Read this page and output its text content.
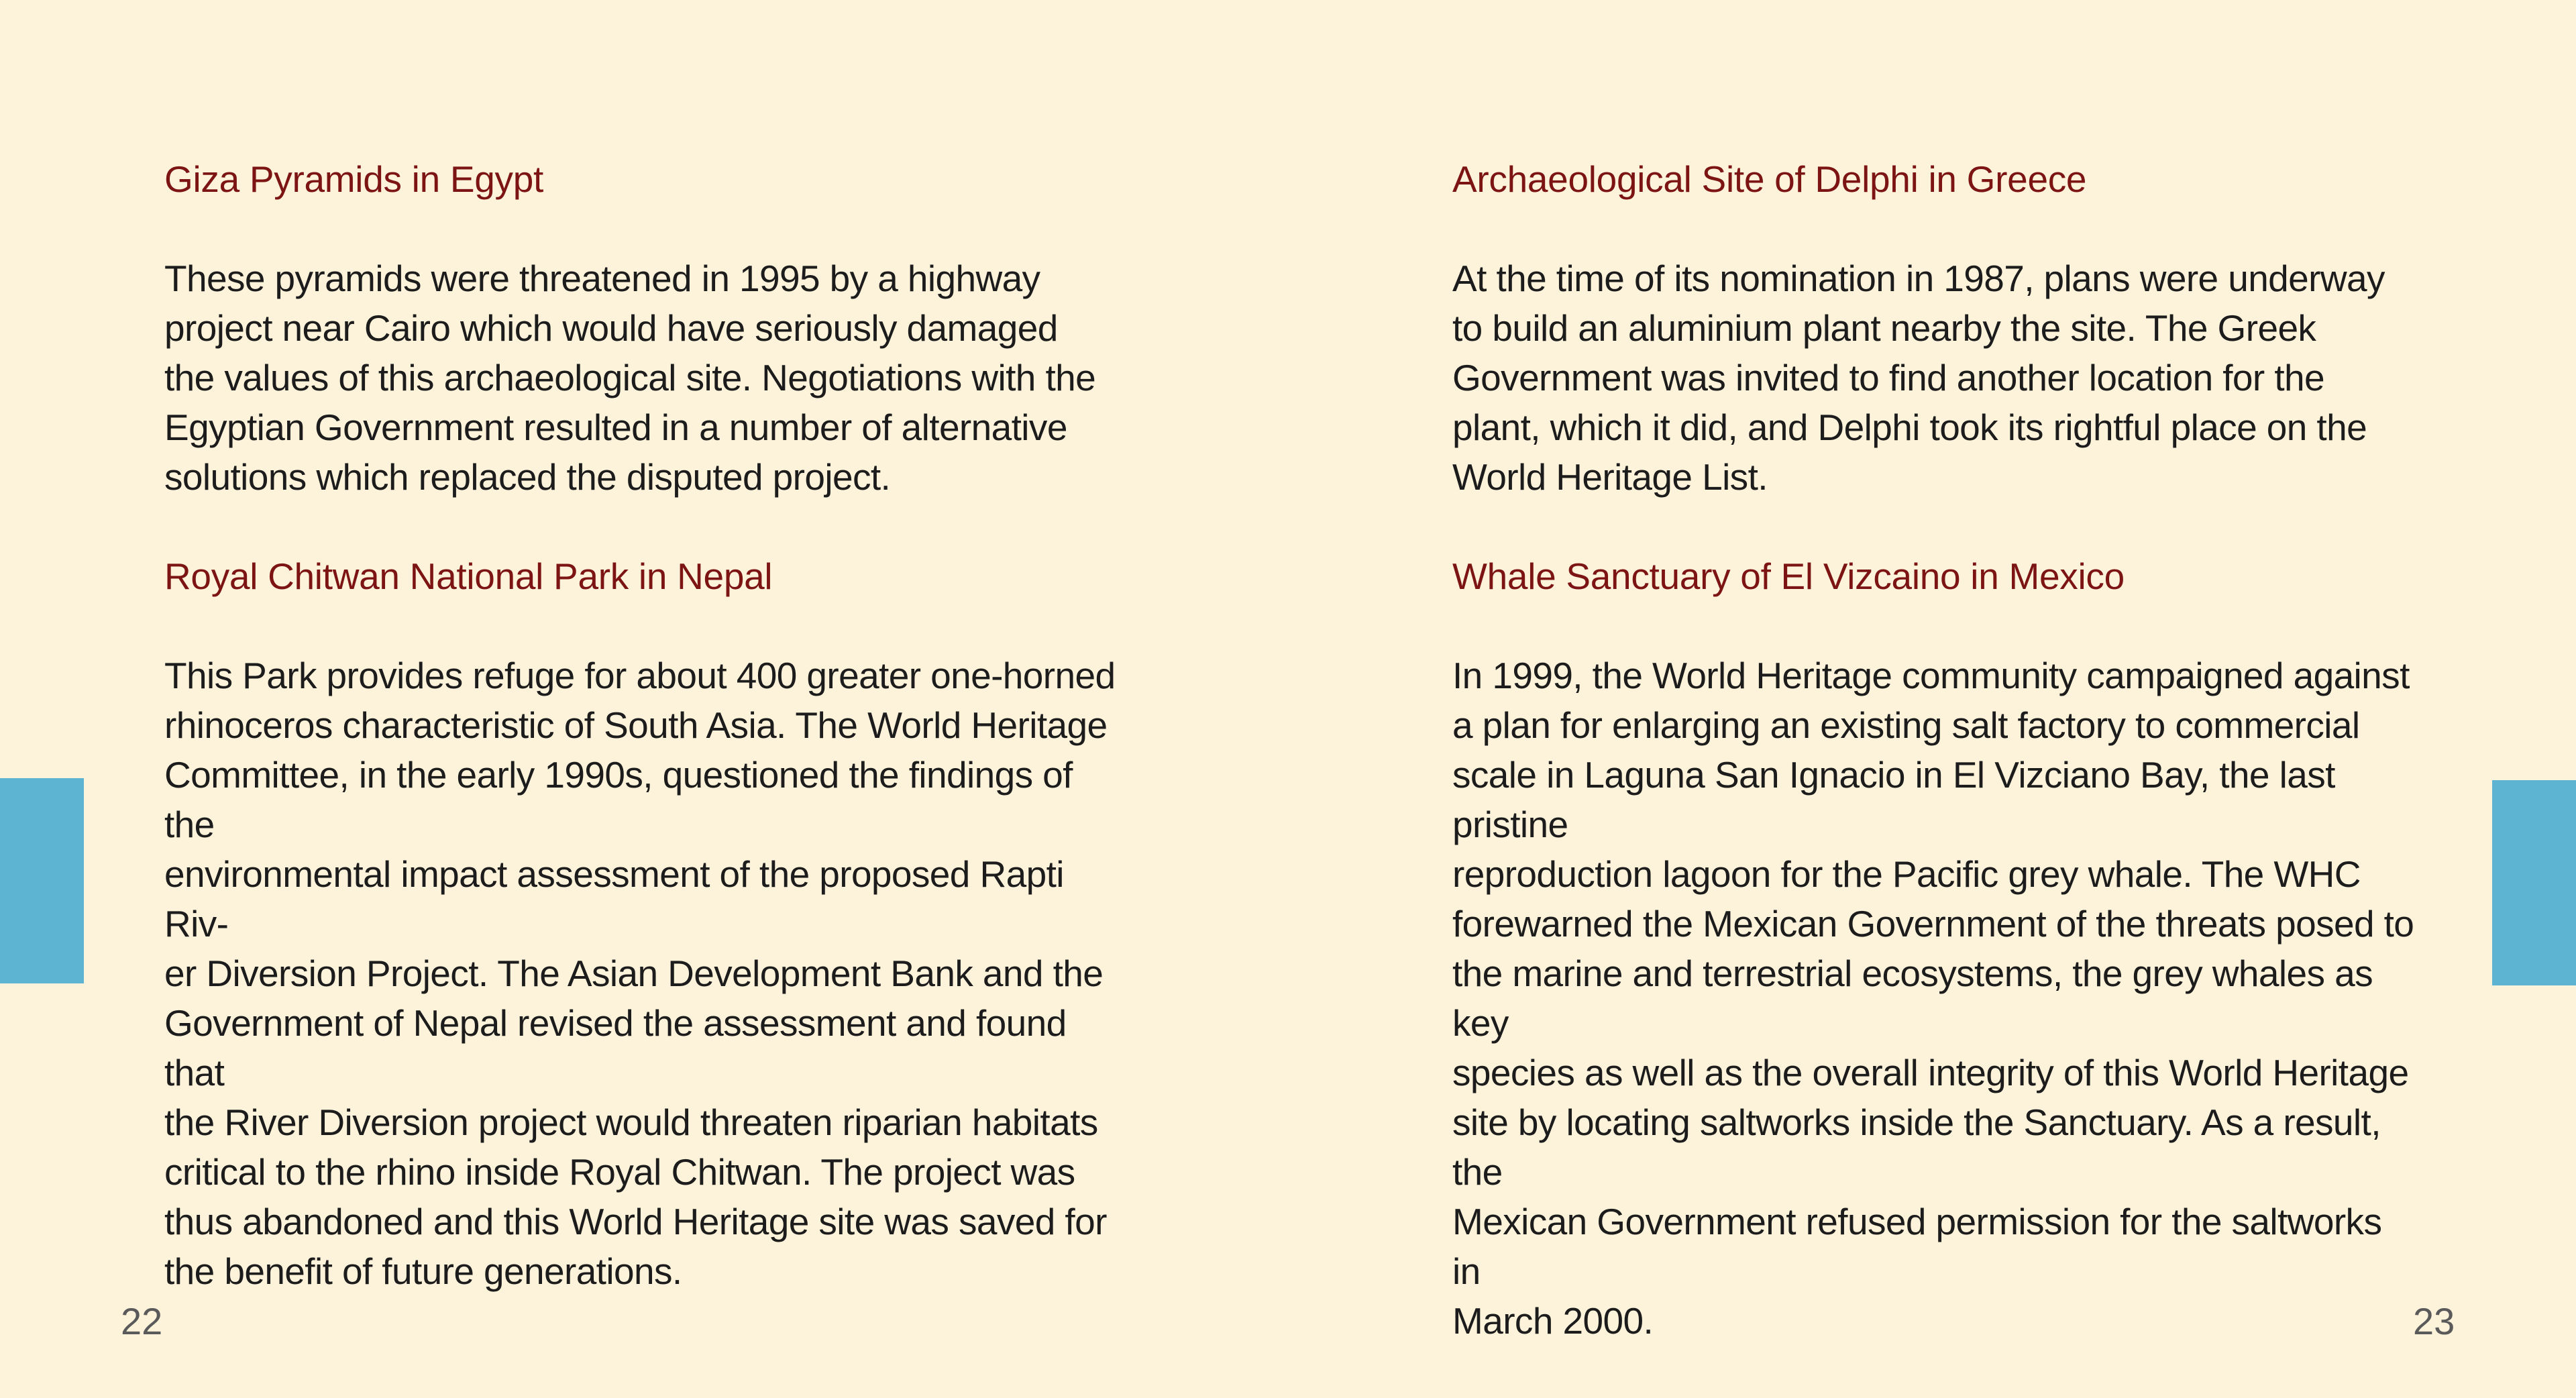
Giza Pyramids in Egypt

These pyramids were threatened in 1995 by a highway
project near Cairo which would have seriously damaged
the values of this archaeological site. Negotiations with the
Egyptian Government resulted in a number of alternative
solutions which replaced the disputed project.

Royal Chitwan National Park in Nepal

This Park provides refuge for about 400 greater one-horned
rhinoceros characteristic of South Asia. The World Heritage
Committee, in the early 1990s, questioned the findings of the
environmental impact assessment of the proposed Rapti Riv-
er Diversion Project. The Asian Development Bank and the
Government of Nepal revised the assessment and found that
the River Diversion project would threaten riparian habitats
critical to the rhino inside Royal Chitwan. The project was
thus abandoned and this World Heritage site was saved for
the benefit of future generations.

Archaeological Site of Delphi in Greece

At the time of its nomination in 1987, plans were underway
to build an aluminium plant nearby the site. The Greek
Government was invited to find another location for the
plant, which it did, and Delphi took its rightful place on the
World Heritage List.

Whale Sanctuary of El Vizcaino in Mexico

In 1999, the World Heritage community campaigned against
a plan for enlarging an existing salt factory to commercial
scale in Laguna San Ignacio in El Vizciano Bay, the last pristine
reproduction lagoon for the Pacific grey whale. The WHC
forewarned the Mexican Government of the threats posed to
the marine and terrestrial ecosystems, the grey whales as key
species as well as the overall integrity of this World Heritage
site by locating saltworks inside the Sanctuary. As a result, the
Mexican Government refused permission for the saltworks in
March 2000.

22	23
